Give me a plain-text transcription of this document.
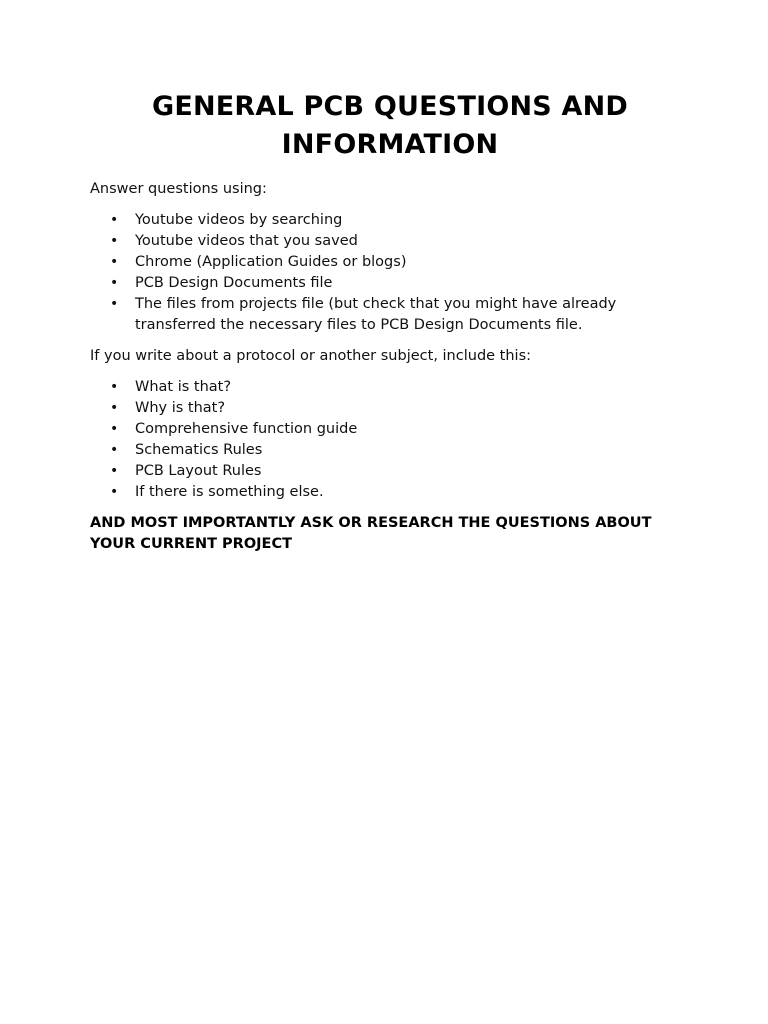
GENERAL PCB QUESTIONS AND INFORMATION

Answer questions using:

• Youtube videos by searching
• Youtube videos that you saved
• Chrome (Application Guides or blogs)
• PCB Design Documents file
• The files from projects file (but check that you might have already transferred the necessary files to PCB Design Documents file.

If you write about a protocol or another subject, include this:

• What is that?
• Why is that?
• Comprehensive function guide
• Schematics Rules
• PCB Layout Rules
• If there is something else.

AND MOST IMPORTANTLY ASK OR RESEARCH THE QUESTIONS ABOUT YOUR CURRENT PROJECT
